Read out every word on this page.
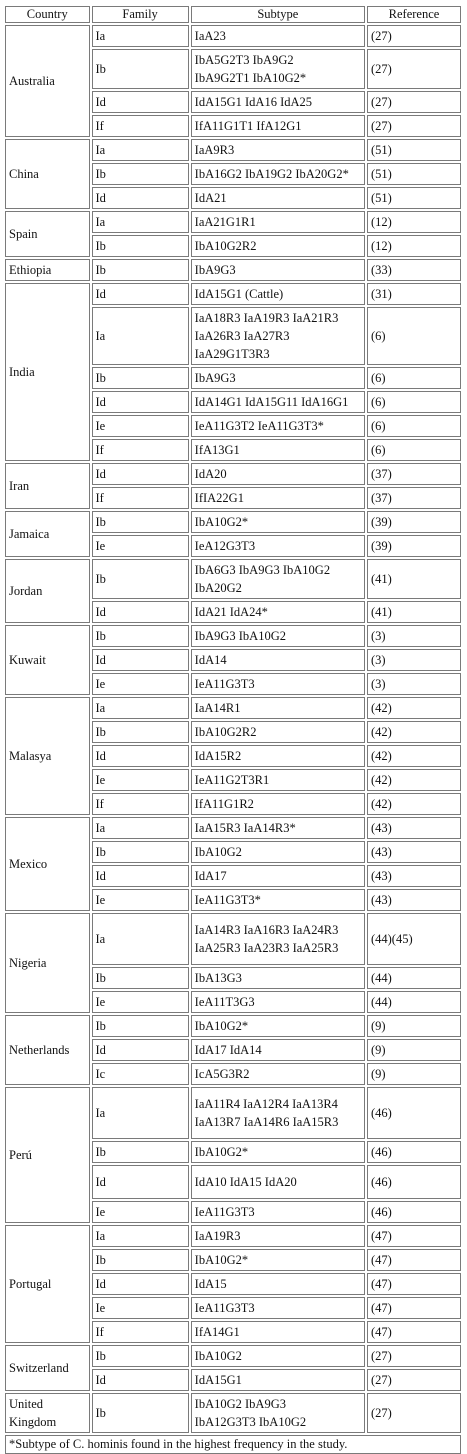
Country	Family	Subtype	Reference
Australia	Ia	IaA23	(27)
	Ib	IbA5G2T3 IbA9G2
IbA9G2T1 IbA10G2*	(27)
	Id	IdA15G1 IdA16 IdA25	(27)
	If	IfA11G1T1 IfA12G1	(27)
China	Ia	IaA9R3	(51)
	Ib	IbA16G2 IbA19G2 IbA20G2*	(51)
	Id	IdA21	(51)
Spain	Ia	IaA21G1R1	(12)
	Ib	IbA10G2R2	(12)
Ethiopia	Ib	IbA9G3	(33)
India	Id	IdA15G1 (Cattle)	(31)
	Ia	IaA18R3 IaA19R3 IaA21R3
IaA26R3 IaA27R3
IaA29G1T3R3	(6)
	Ib	IbA9G3	(6)
	Id	IdA14G1 IdA15G11 IdA16G1	(6)
	Ie	IeA11G3T2 IeA11G3T3*	(6)
	If	IfA13G1	(6)
Iran	Id	IdA20	(37)
	If	IfIA22G1	(37)
Jamaica	Ib	IbA10G2*	(39)
	Ie	IeA12G3T3	(39)
Jordan	Ib	IbA6G3 IbA9G3 IbA10G2
IbA20G2	(41)
	Id	IdA21 IdA24*	(41)
Kuwait	Ib	IbA9G3 IbA10G2	(3)
	Id	IdA14	(3)
	Ie	IeA11G3T3	(3)
Malasya	Ia	IaA14R1	(42)
	Ib	IbA10G2R2	(42)
	Id	IdA15R2	(42)
	Ie	IeA11G2T3R1	(42)
	If	IfA11G1R2	(42)
Mexico	Ia	IaA15R3 IaA14R3*	(43)
	Ib	IbA10G2	(43)
	Id	IdA17	(43)
	Ie	IeA11G3T3*	(43)
Nigeria	Ia	IaA14R3 IaA16R3 IaA24R3
IaA25R3 IaA23R3 IaA25R3	(44)(45)
	Ib	IbA13G3	(44)
	Ie	IeA11T3G3	(44)
Netherlands	Ib	IbA10G2*	(9)
	Id	IdA17 IdA14	(9)
	Ic	IcA5G3R2	(9)
Perú	Ia	IaA11R4 IaA12R4 IaA13R4
IaA13R7 IaA14R6 IaA15R3	(46)
	Ib	IbA10G2*	(46)
	Id	IdA10 IdA15 IdA20	(46)
	Ie	IeA11G3T3	(46)
Portugal	Ia	IaA19R3	(47)
	Ib	IbA10G2*	(47)
	Id	IdA15	(47)
	Ie	IeA11G3T3	(47)
	If	IfA14G1	(47)
Switzerland	Ib	IbA10G2	(27)
	Id	IdA15G1	(27)
United Kingdom	Ib	IbA10G2 IbA9G3
IbA12G3T3 IbA10G2	(27)
*Subtype of C. hominis found in the highest frequency in the study.
